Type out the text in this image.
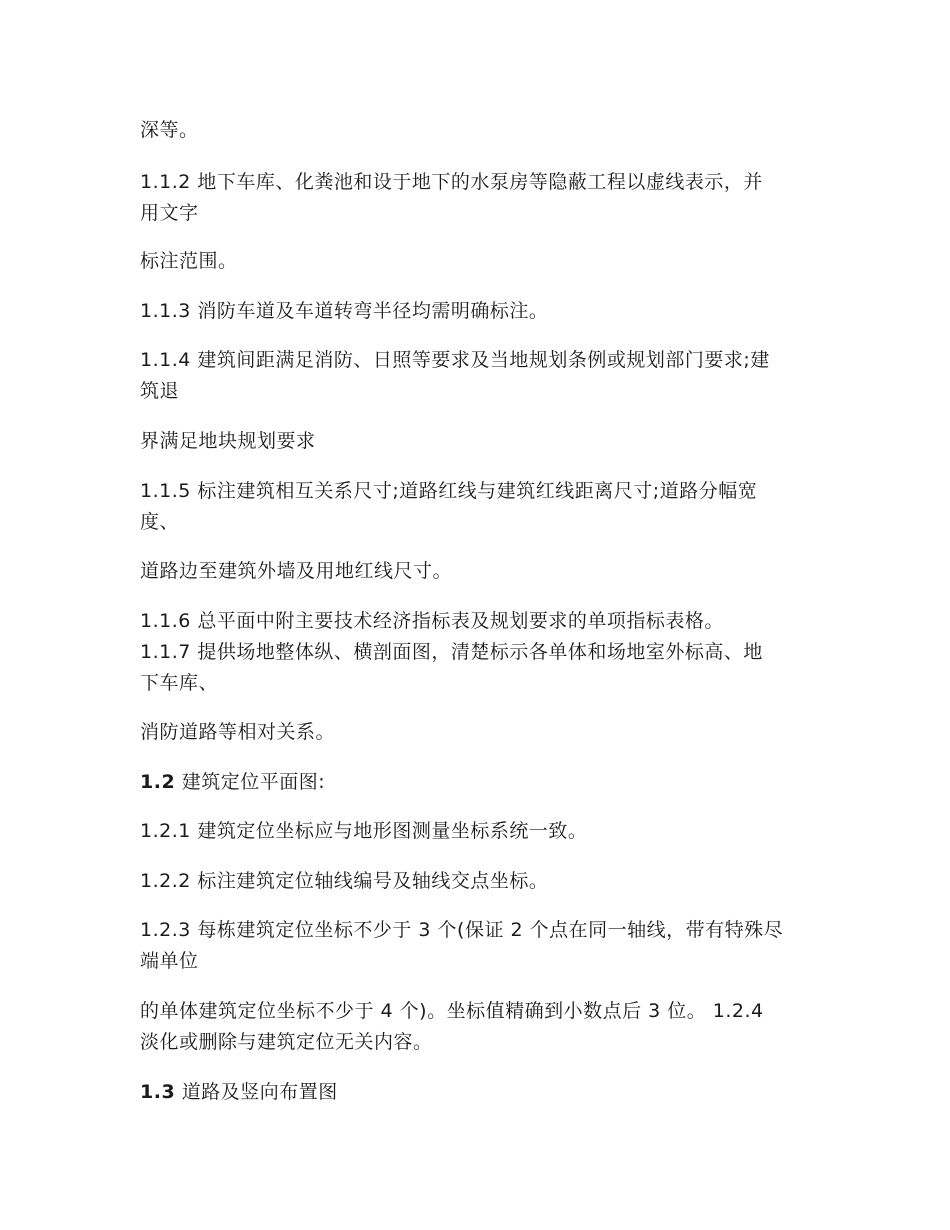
深等。

1.1.2 地下车库、化粪池和设于地下的水泵房等隐蔽工程以虚线表示，并

用文字

标注范围。

1.1.3 消防车道及车道转弯半径均需明确标注。

1.1.4 建筑间距满足消防、日照等要求及当地规划条例或规划部门要求;建

筑退

界满足地块规划要求

1.1.5 标注建筑相互关系尺寸;道路红线与建筑红线距离尺寸;道路分幅宽

度、

道路边至建筑外墙及用地红线尺寸。

1.1.6 总平面中附主要技术经济指标表及规划要求的单项指标表格。

1.1.7 提供场地整体纵、横剖面图，清楚标示各单体和场地室外标高、地

下车库、

消防道路等相对关系。

1.2 建筑定位平面图:

1.2.1 建筑定位坐标应与地形图测量坐标系统一致。

1.2.2 标注建筑定位轴线编号及轴线交点坐标。

1.2.3 每栋建筑定位坐标不少于 3 个(保证 2 个点在同一轴线，带有特殊尽

端单位

的单体建筑定位坐标不少于 4 个)。坐标值精确到小数点后 3 位。 1.2.4

淡化或删除与建筑定位无关内容。

1.3 道路及竖向布置图
